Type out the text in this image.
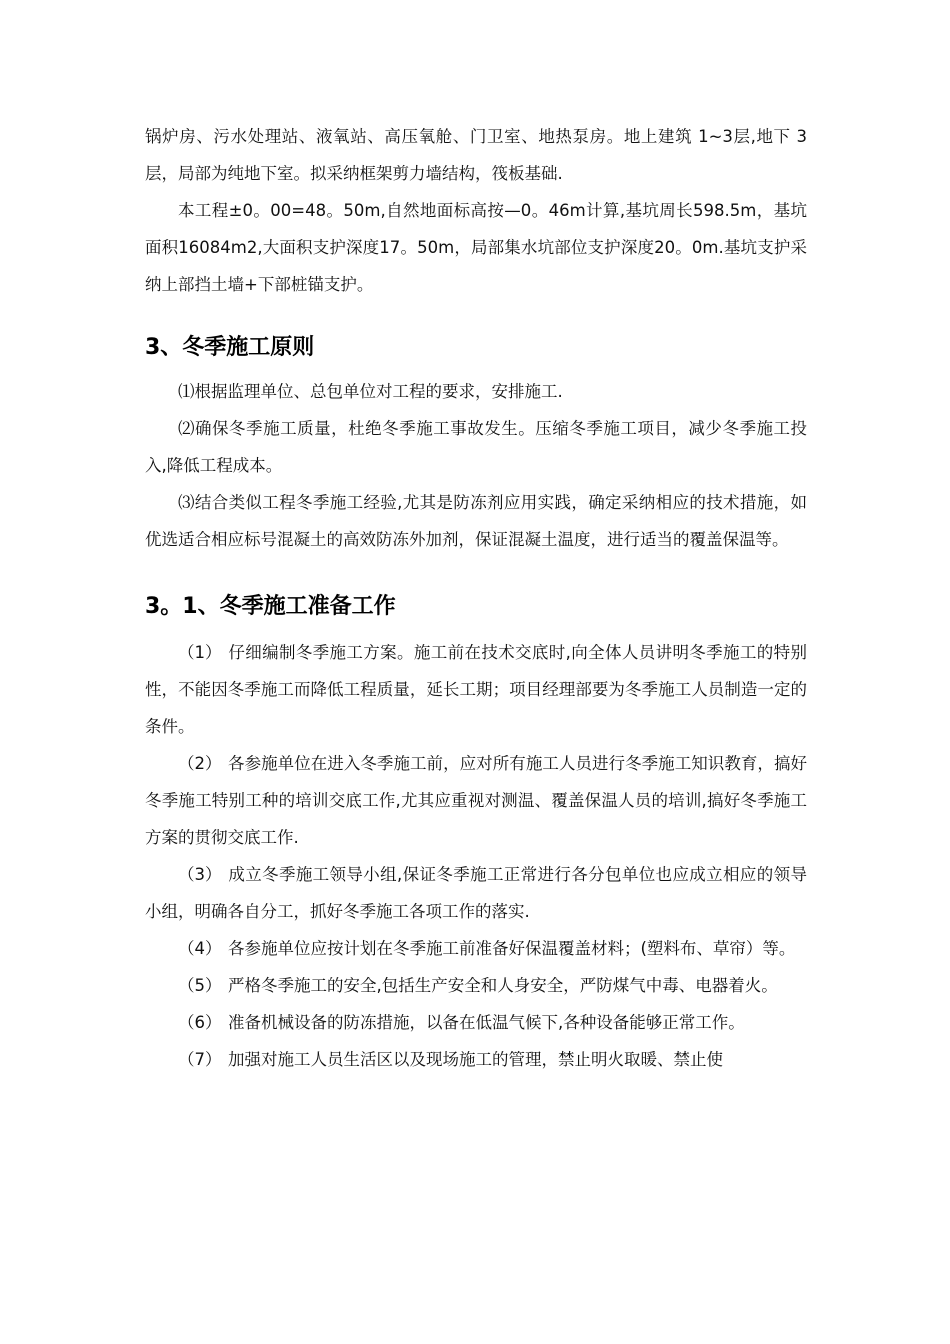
锅炉房、污水处理站、液氧站、高压氧舱、门卫室、地热泵房。地上建筑 1~3层,地下 3 层，局部为纯地下室。拟采纳框架剪力墙结构，筏板基础.

本工程±0。00=48。50m,自然地面标高按—0。46m计算,基坑周长598.5m，基坑面积16084m2,大面积支护深度17。50m，局部集水坑部位支护深度20。0m.基坑支护采纳上部挡土墙+下部桩锚支护。

3、冬季施工原则

⑴根据监理单位、总包单位对工程的要求，安排施工.

⑵确保冬季施工质量，杜绝冬季施工事故发生。压缩冬季施工项目，减少冬季施工投入,降低工程成本。

⑶结合类似工程冬季施工经验,尤其是防冻剂应用实践，确定采纳相应的技术措施，如优选适合相应标号混凝土的高效防冻外加剂，保证混凝土温度，进行适当的覆盖保温等。

3。1、冬季施工准备工作

（1） 仔细编制冬季施工方案。施工前在技术交底时,向全体人员讲明冬季施工的特别性，不能因冬季施工而降低工程质量，延长工期；项目经理部要为冬季施工人员制造一定的条件。

（2） 各参施单位在进入冬季施工前，应对所有施工人员进行冬季施工知识教育，搞好冬季施工特别工种的培训交底工作,尤其应重视对测温、覆盖保温人员的培训,搞好冬季施工方案的贯彻交底工作.

（3） 成立冬季施工领导小组,保证冬季施工正常进行各分包单位也应成立相应的领导小组，明确各自分工，抓好冬季施工各项工作的落实.

（4） 各参施单位应按计划在冬季施工前准备好保温覆盖材料；(塑料布、草帘）等。

（5） 严格冬季施工的安全,包括生产安全和人身安全，严防煤气中毒、电器着火。

（6） 准备机械设备的防冻措施，以备在低温气候下,各种设备能够正常工作。

（7） 加强对施工人员生活区以及现场施工的管理，禁止明火取暖、禁止使
